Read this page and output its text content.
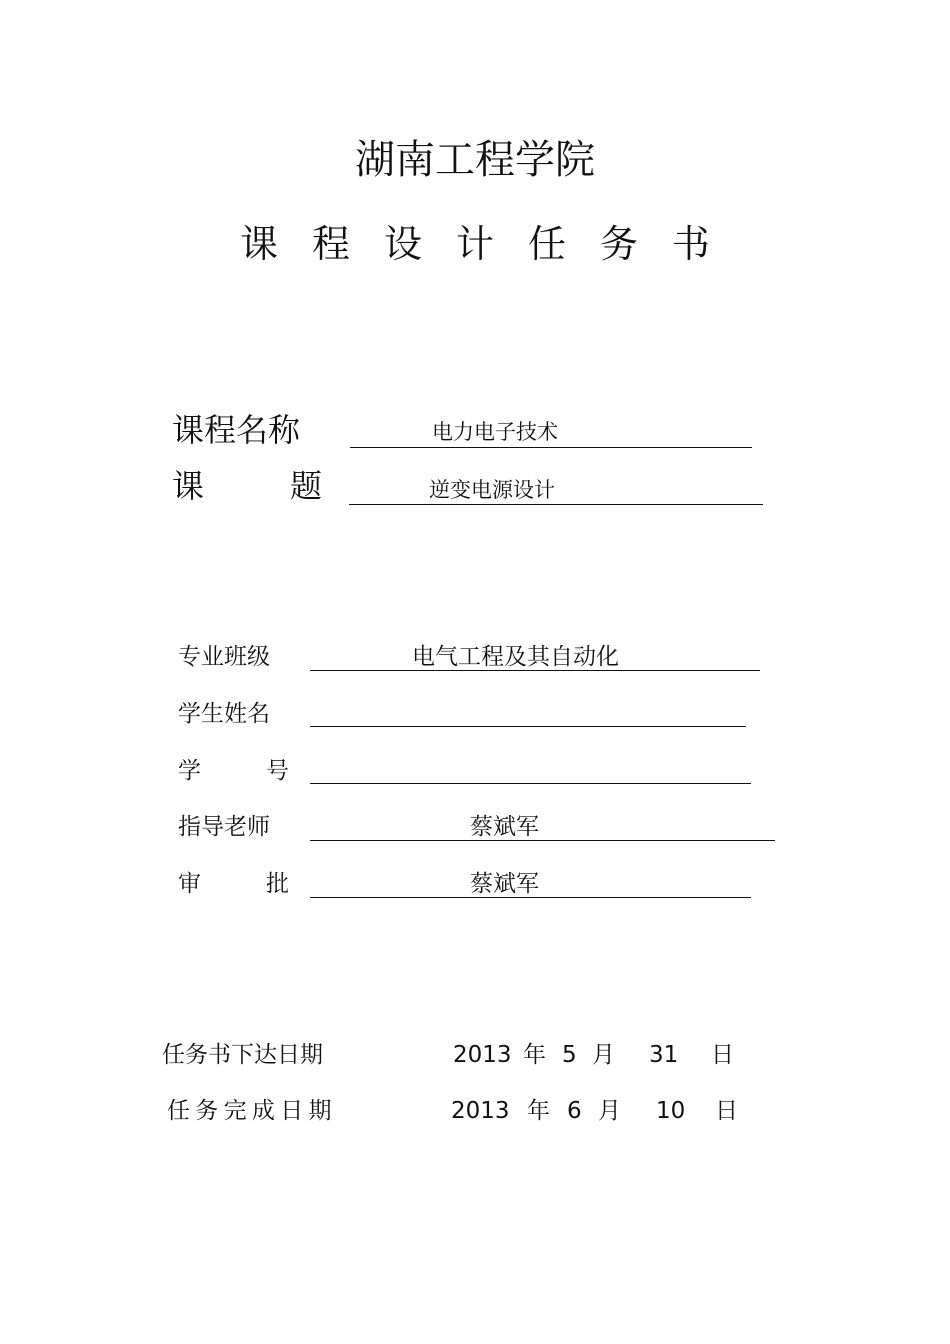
湖南工程学院
课 程 设 计 任 务 书
课程名称	电力电子技术
课	题	逆变电源设计
专业班级	电气工程及其自动化
学生姓名
学	号
指导老师	蔡斌军
审	批	蔡斌军
任务书下达日期	2013 年 5 月 31 日
任 务 完 成 日 期	2013 年 6 月 10 日
